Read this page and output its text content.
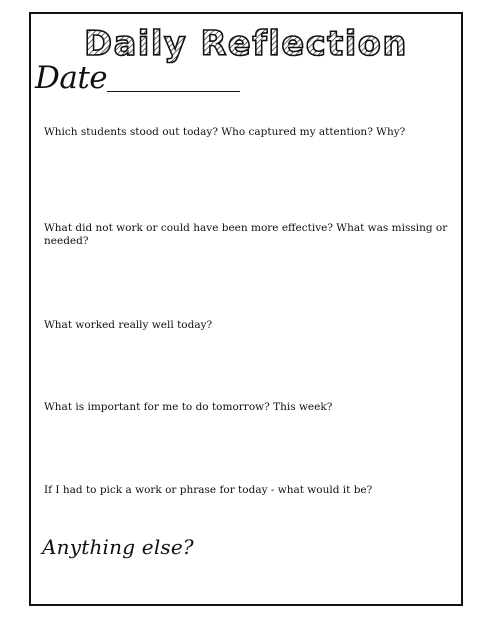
Daily Reflection
Date
Which students stood out today? Who captured my attention? Why?
What did not work or could have been more effective? What was missing or needed?
What worked really well today?
What is important for me to do tomorrow? This week?
If I had to pick a work or phrase for today - what would it be?
Anything else?
